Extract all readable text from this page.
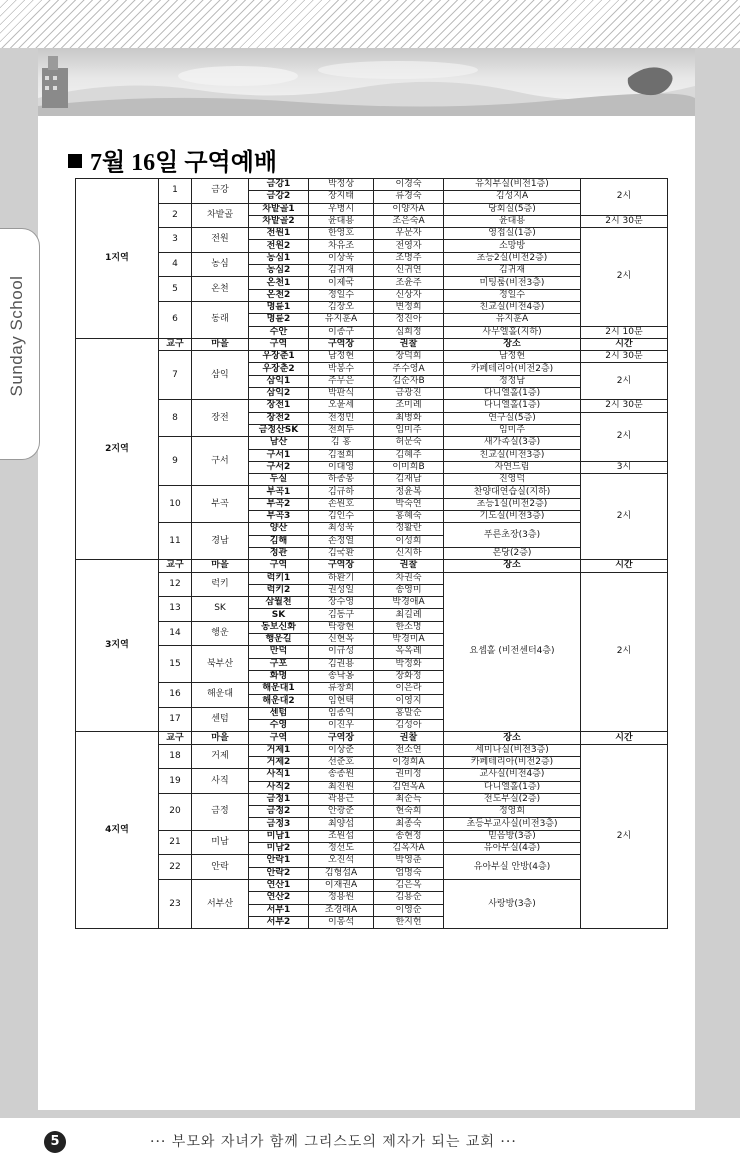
Sunday School
7월 16일 구역예배
1지역	1	금강	금강1	박정상	이경숙	유치부실(비전1층)	2시
			금강2	장지태	류경숙	김성지A	
	2	차밭골	차밭골1	우병시	이양자A	당회실(5층)	
			차밭골2	윤대용	조은숙A	윤대용	2시 30분
	3	전원	전원1	한영호	우문자	영접실(1층)	2시
			전원2	차유조	전영자	소망방	
	4	농심	농심1	이상욱	조명주	초등2실(비전2층)	
			농심2	김귀재	신귀연	김귀재	
	5	온천	온천1	이제국	조윤주	미팅룸(비전3층)	
			온천2	정일수	신상자	정일수	
	6	동래	명륜1	김장오	변정희	친교실(비전4층)	
			명륜2	유지훈A	정진아	유지훈A	
			수안	이종구	심희정	사무엘홀(지하)	2시 10분
2지역	교구	마을	구역	구역장	권찰	장소	시간
	7	삼익	우장춘1	남정현	장덕희	남정현	2시 30분
			우장춘2	박봉수	주수영A	카페테리아(비전2층)	2시
			삼익1	주무은	김순자B	정정남	
			삼익2	박판식	금광진	다니엘홀(1층)	
	8	장전	장전1	오윤세	조미례	다니엘홀(1층)	2시 30분
			장전2	전정민	최병화	연구실(5층)	2시
			금정산SK	전희두	임미주	임미주	
	9	구서	남산	김 홍	허문숙	새가족실(3층)	
			구서1	김철희	김혜주	친교실(비전3층)	
			구서2	이대영	이미희B	자연드림	3시
			두실	하종봉	김재남	진영덕	2시
	10	부곡	부곡1	김규하	정윤복	찬양대연습실(지하)	
			부곡2	손원호	박숙연	초등1실(비전2층)	
			부곡3	김인수	홍혜숙	기도실(비전3층)	
	11	경남	양산	최성욱	정활란	푸른초장(3층)	
			김해	손정열	이성희		
			정관	김국환	신지하	본당(2층)	
3지역	교구	마을	구역	구역장	권찰	장소	시간
	12	럭키	럭키1	하환기	차권숙	요셉홀 (비전센터4층)	2시
			럭키2	권성일	송영미		
	13	SK	삼월천	장수영	박경애A		
			SK	김동구	최길례		
	14	행운	동보신화	탁광현	한소명		
			행운길	신현옥	박경미A		
	15	북부산	만덕	이규성	옥옥례		
			구포	김권용	박정화		
			화명	송낙옹	장화정		
	16	해운대	해운대1	류창희	이은라		
			해운대2	임현택	이영지		
	17	센텀	센텀	임종익	홍말순		
			수영	이진우	김성아		
4지역	교구	마을	구역	구역장	권찰	장소	시간
	18	거제	거제1	이상준	전소연	세미나실(비전3층)	2시
			거제2	선준호	이경희A	카페테리아(비전2층)	
	19	사직	사직1	송종원	권미정	교사실(비전4층)	
			사직2	최진원	김연옥A	다니엘홀(1층)	
	20	금정	금정1	곽용근	최순득	전도부실(2층)	
			금정2	안광준	현숙희	정영희	
			금정3	최양섭	최종숙	초등부교사실(비전3층)	
	21	미남	미남1	조원섭	송현정	믿음방(3층)	
			미남2	정선도	김옥자A	유아부실(4층)	
	22	안락	안락1	오진석	박영춘	유아부실 안방(4층)	
			안락2	김형섭A	엄명숙		
	23	서부산	연산1	이재권A	김은옥	사랑방(3층)	
			연산2	정용원	김용순		
			서부1	조경래A	이영순		
			서부2	이봉석	한지헌		
5	··· 부모와 자녀가 함께 그리스도의 제자가 되는 교회 ···
